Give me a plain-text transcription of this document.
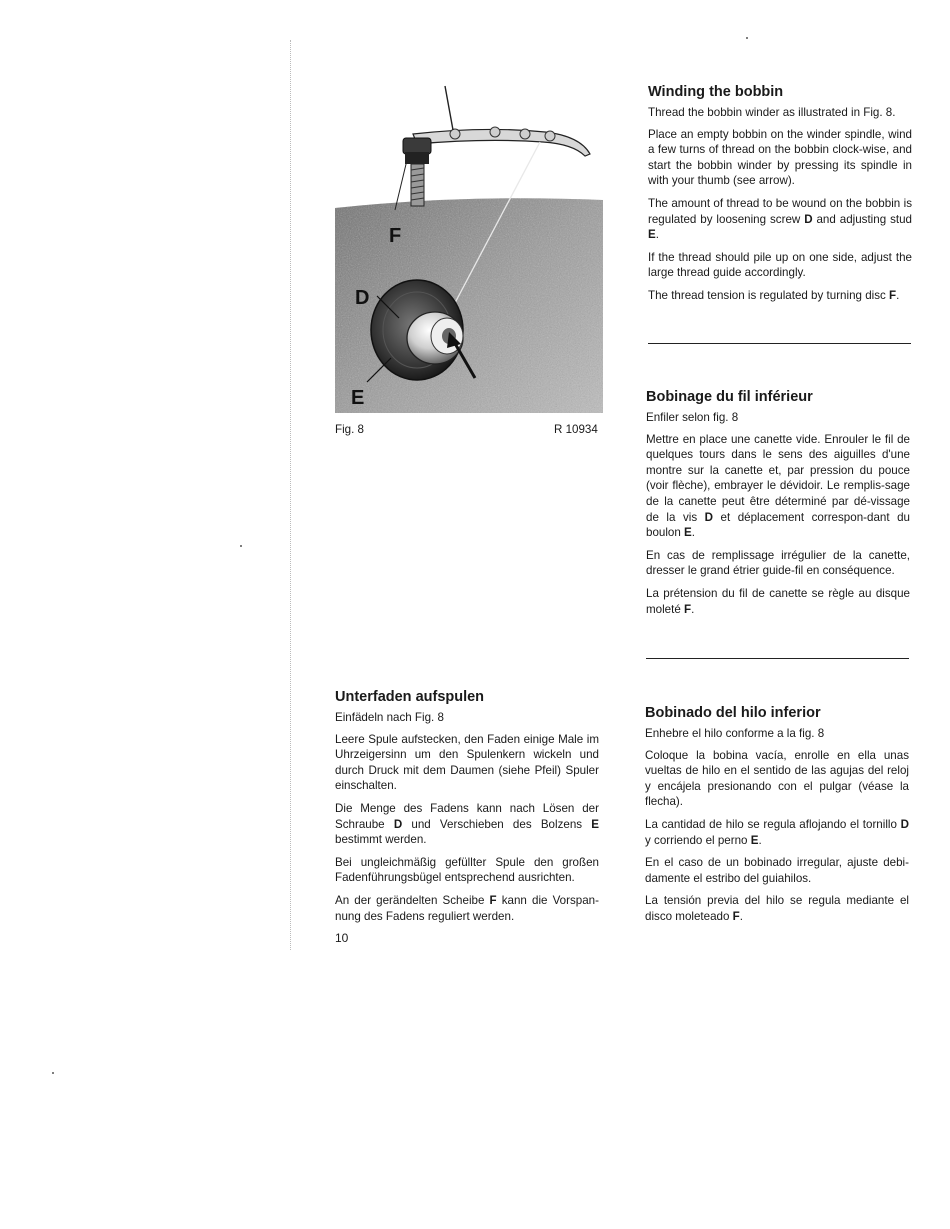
F
D
E
Fig. 8	R 10934
Winding the bobbin

Thread the bobbin winder as illustrated in Fig. 8.

Place an empty bobbin on the winder spindle, wind a few turns of thread on the bobbin clock-wise, and start the bobbin winder by pressing its spindle in with your thumb (see arrow).

The amount of thread to be wound on the bobbin is regulated by loosening screw D and adjusting stud E.

If the thread should pile up on one side, adjust the large thread guide accordingly.

The thread tension is regulated by turning disc F.

Bobinage du fil inférieur

Enfiler selon fig. 8

Mettre en place une canette vide. Enrouler le fil de quelques tours dans le sens des aiguilles d'une montre sur la canette et, par pression du pouce (voir flèche), embrayer le dévidoir. Le remplis-sage de la canette peut être déterminé par dé-vissage de la vis D et déplacement correspon-dant du boulon E.

En cas de remplissage irrégulier de la canette, dresser le grand étrier guide-fil en conséquence.

La prétension du fil de canette se règle au disque moleté F.

Unterfaden aufspulen

Einfädeln nach Fig. 8

Leere Spule aufstecken, den Faden einige Male im Uhrzeigersinn um den Spulenkern wickeln und durch Druck mit dem Daumen (siehe Pfeil) Spuler einschalten.

Die Menge des Fadens kann nach Lösen der Schraube D und Verschieben des Bolzens E bestimmt werden.

Bei ungleichmäßig gefüllter Spule den großen Fadenführungsbügel entsprechend ausrichten.

An der gerändelten Scheibe F kann die Vorspan-nung des Fadens reguliert werden.

Bobinado del hilo inferior

Enhebre el hilo conforme a la fig. 8

Coloque la bobina vacía, enrolle en ella unas vueltas de hilo en el sentido de las agujas del reloj y encájela presionando con el pulgar (véase la flecha).

La cantidad de hilo se regula aflojando el tornillo D y corriendo el perno E.

En el caso de un bobinado irregular, ajuste debi-damente el estribo del guiahilos.

La tensión previa del hilo se regula mediante el disco moleteado F.

10
